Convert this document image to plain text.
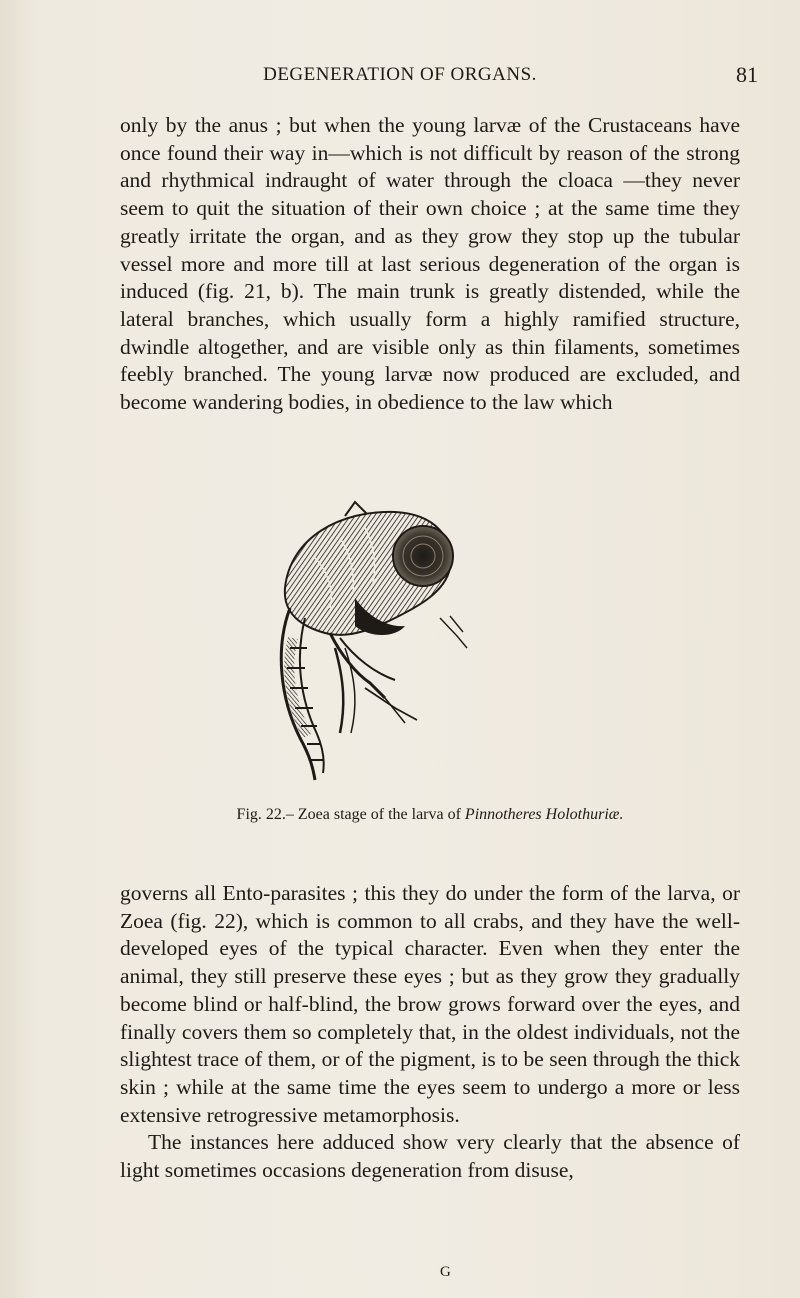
DEGENERATION OF ORGANS.	81

only by the anus ; but when the young larvæ of the Crustaceans have once found their way in—which is not difficult by reason of the strong and rhythmical indraught of water through the cloaca —they never seem to quit the situation of their own choice ; at the same time they greatly irritate the organ, and as they grow they stop up the tubular vessel more and more till at last serious degeneration of the organ is induced (fig. 21, b). The main trunk is greatly distended, while the lateral branches, which usually form a highly ramified structure, dwindle altogether, and are visible only as thin filaments, sometimes feebly branched. The young larvæ now produced are excluded, and become wandering bodies, in obedience to the law which

Fig. 22.– Zoea stage of the larva of Pinnotheres Holothuriæ.

governs all Ento-parasites ; this they do under the form of the larva, or Zoea (fig. 22), which is common to all crabs, and they have the well-developed eyes of the typical character. Even when they enter the animal, they still preserve these eyes ; but as they grow they gradually become blind or half-blind, the brow grows forward over the eyes, and finally covers them so completely that, in the oldest individuals, not the slightest trace of them, or of the pigment, is to be seen through the thick skin ; while at the same time the eyes seem to undergo a more or less extensive retrogressive metamorphosis.

The instances here adduced show very clearly that the absence of light sometimes occasions degeneration from disuse,

G
